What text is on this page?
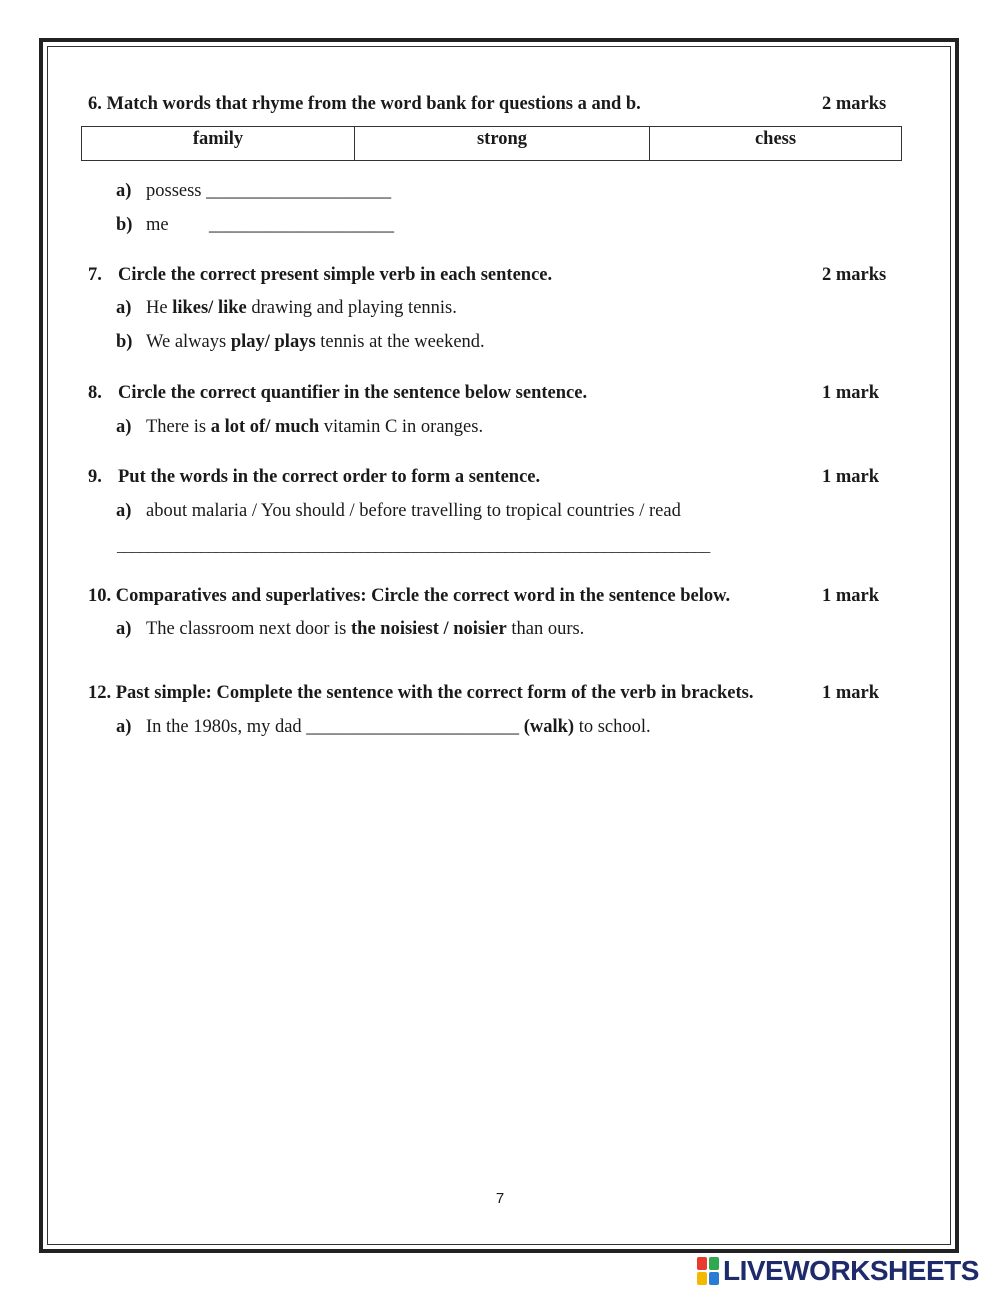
6. Match words that rhyme from the word bank for questions a and b.	2 marks
family	strong	chess
a) possess ____________________
b) me ____________________
7. Circle the correct present simple verb in each sentence.	2 marks
a) He likes/ like drawing and playing tennis.
b) We always play/ plays tennis at the weekend.
8. Circle the correct quantifier in the sentence below sentence.	1 mark
a) There is a lot of/ much vitamin C in oranges.
9. Put the words in the correct order to form a sentence.	1 mark
a) about malaria / You should / before travelling to tropical countries / read
______________________________________________________________________________
10. Comparatives and superlatives: Circle the correct word in the sentence below.	1 mark
a) The classroom next door is the noisiest / noisier than ours.
12. Past simple: Complete the sentence with the correct form of the verb in brackets.	1 mark
a) In the 1980s, my dad _______________________ (walk) to school.
7
LIVEWORKSHEETS
